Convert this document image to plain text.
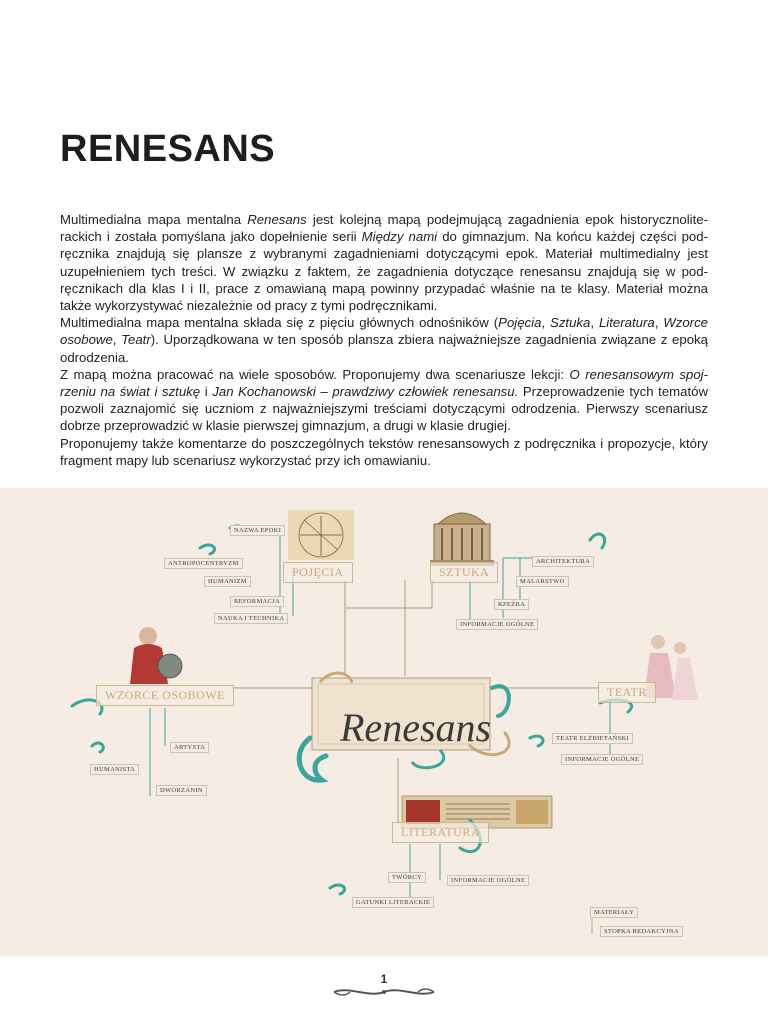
RENESANS

Multimedialna mapa mentalna Renesans jest kolejną mapą podejmującą zagadnienia epok historycznoliterackich i została pomyślana jako dopełnienie serii Między nami do gimnazjum. Na końcu każdej części podręcznika znajdują się plansze z wybranymi zagadnieniami dotyczącymi epok. Materiał multimedialny jest uzupełnieniem tych treści. W związku z faktem, że zagadnienia dotyczące renesansu znajdują się w podręcznikach dla klas I i II, prace z omawianą mapą powinny przypadać właśnie na te klasy. Materiał można także wykorzystywać niezależnie od pracy z tymi podręcznikami.

Multimedialna mapa mentalna składa się z pięciu głównych odnośników (Pojęcia, Sztuka, Literatura, Wzorce osobowe, Teatr). Uporządkowana w ten sposób plansza zbiera najważniejsze zagadnienia związane z epoką odrodzenia.

Z mapą można pracować na wiele sposobów. Proponujemy dwa scenariusze lekcji: O renesansowym spojrzeniu na świat i sztukę i Jan Kochanowski – prawdziwy człowiek renesansu. Przeprowadzenie tych tematów pozwoli zaznajomić się uczniom z najważniejszymi treściami dotyczącymi odrodzenia. Pierwszy scenariusz dobrze przeprowadzić w klasie pierwszej gimnazjum, a drugi w klasie drugiej.

Proponujemy także komentarze do poszczególnych tekstów renesansowych z podręcznika i propozycje, który fragment mapy lub scenariusz wykorzystać przy ich omawianiu.

POJĘCIA	SZTUKA
WZORCE OSOBOWE	TEATR
LITERATURA
Renesans
NAZWA EPOKI
ANTROPOCENTRYZM
HUMANIZM
REFORMACJA
NAUKA I TECHNIKA
ARCHITEKTURA
MALARSTWO
RZEŹBA
INFORMACJE OGÓLNE
ARTYSTA
HUMANISTA
DWORZANIN
TEATR ELŻBIETAŃSKI
INFORMACJE OGÓLNE
TWÓRCY	INFORMACJE OGÓLNE
GATUNKI LITERACKIE
MATERIAŁY
STOPKA REDAKCYJNA
1
